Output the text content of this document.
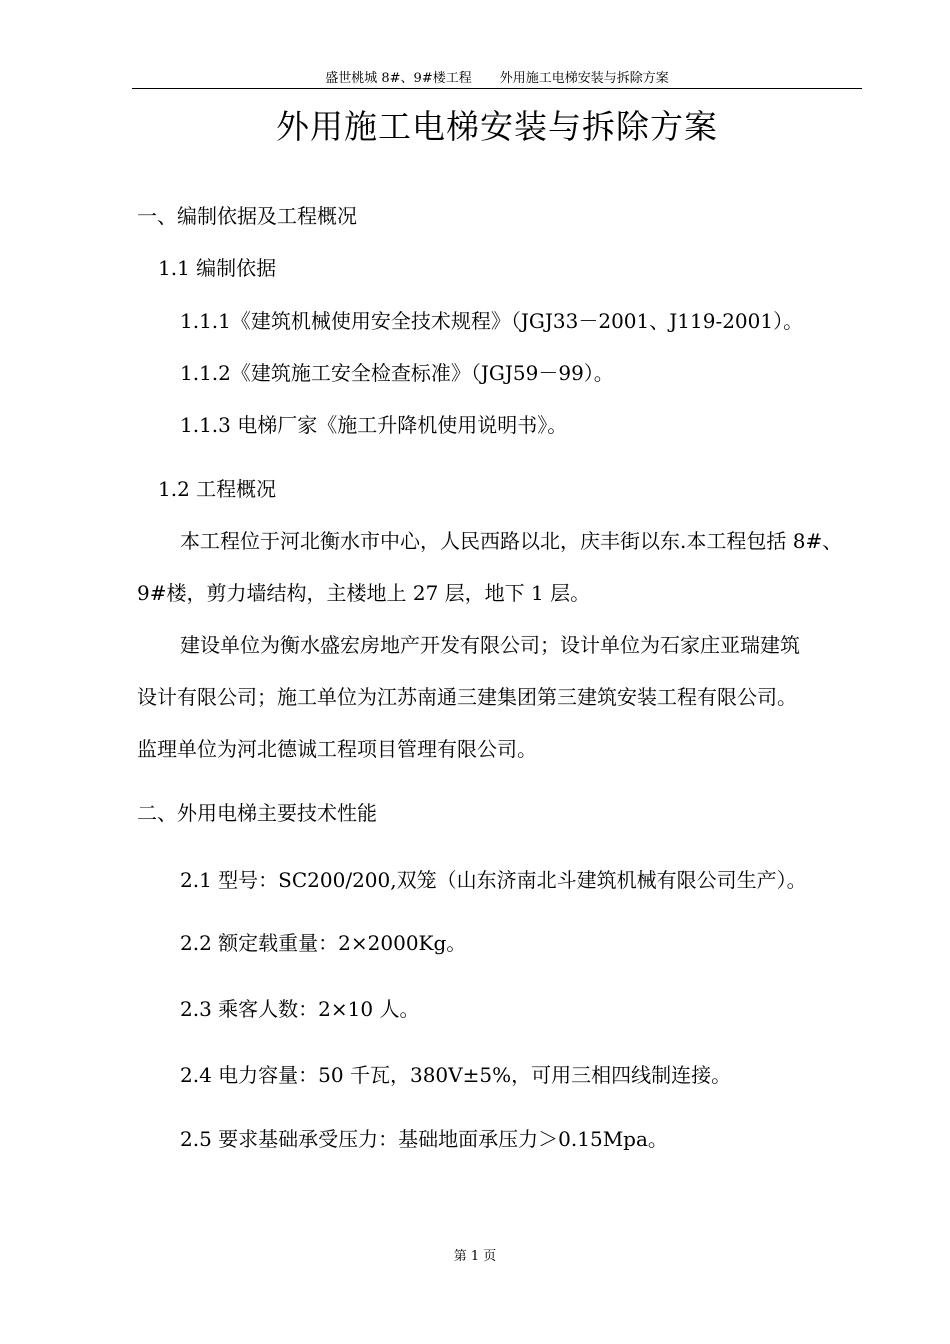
盛世桃城 8#、9#楼工程 外用施工电梯安装与拆除方案
外用施工电梯安装与拆除方案
一、编制依据及工程概况
1.1 编制依据
1.1.1《建筑机械使用安全技术规程》（JGJ33－2001、J119-2001）。
1.1.2《建筑施工安全检查标准》（JGJ59－99）。
1.1.3 电梯厂家《施工升降机使用说明书》。
1.2 工程概况
本工程位于河北衡水市中心，人民西路以北，庆丰街以东.本工程包括 8#、
9#楼，剪力墙结构，主楼地上 27 层，地下 1 层。
建设单位为衡水盛宏房地产开发有限公司；设计单位为石家庄亚瑞建筑
设计有限公司；施工单位为江苏南通三建集团第三建筑安装工程有限公司。
监理单位为河北德诚工程项目管理有限公司。
二、外用电梯主要技术性能
2.1 型号：SC200/200,双笼（山东济南北斗建筑机械有限公司生产）。
2.2 额定载重量：2×2000Kg。
2.3 乘客人数：2×10 人。
2.4 电力容量：50 千瓦，380V±5%，可用三相四线制连接。
2.5 要求基础承受压力：基础地面承压力＞0.15Mpa。
第 1 页
